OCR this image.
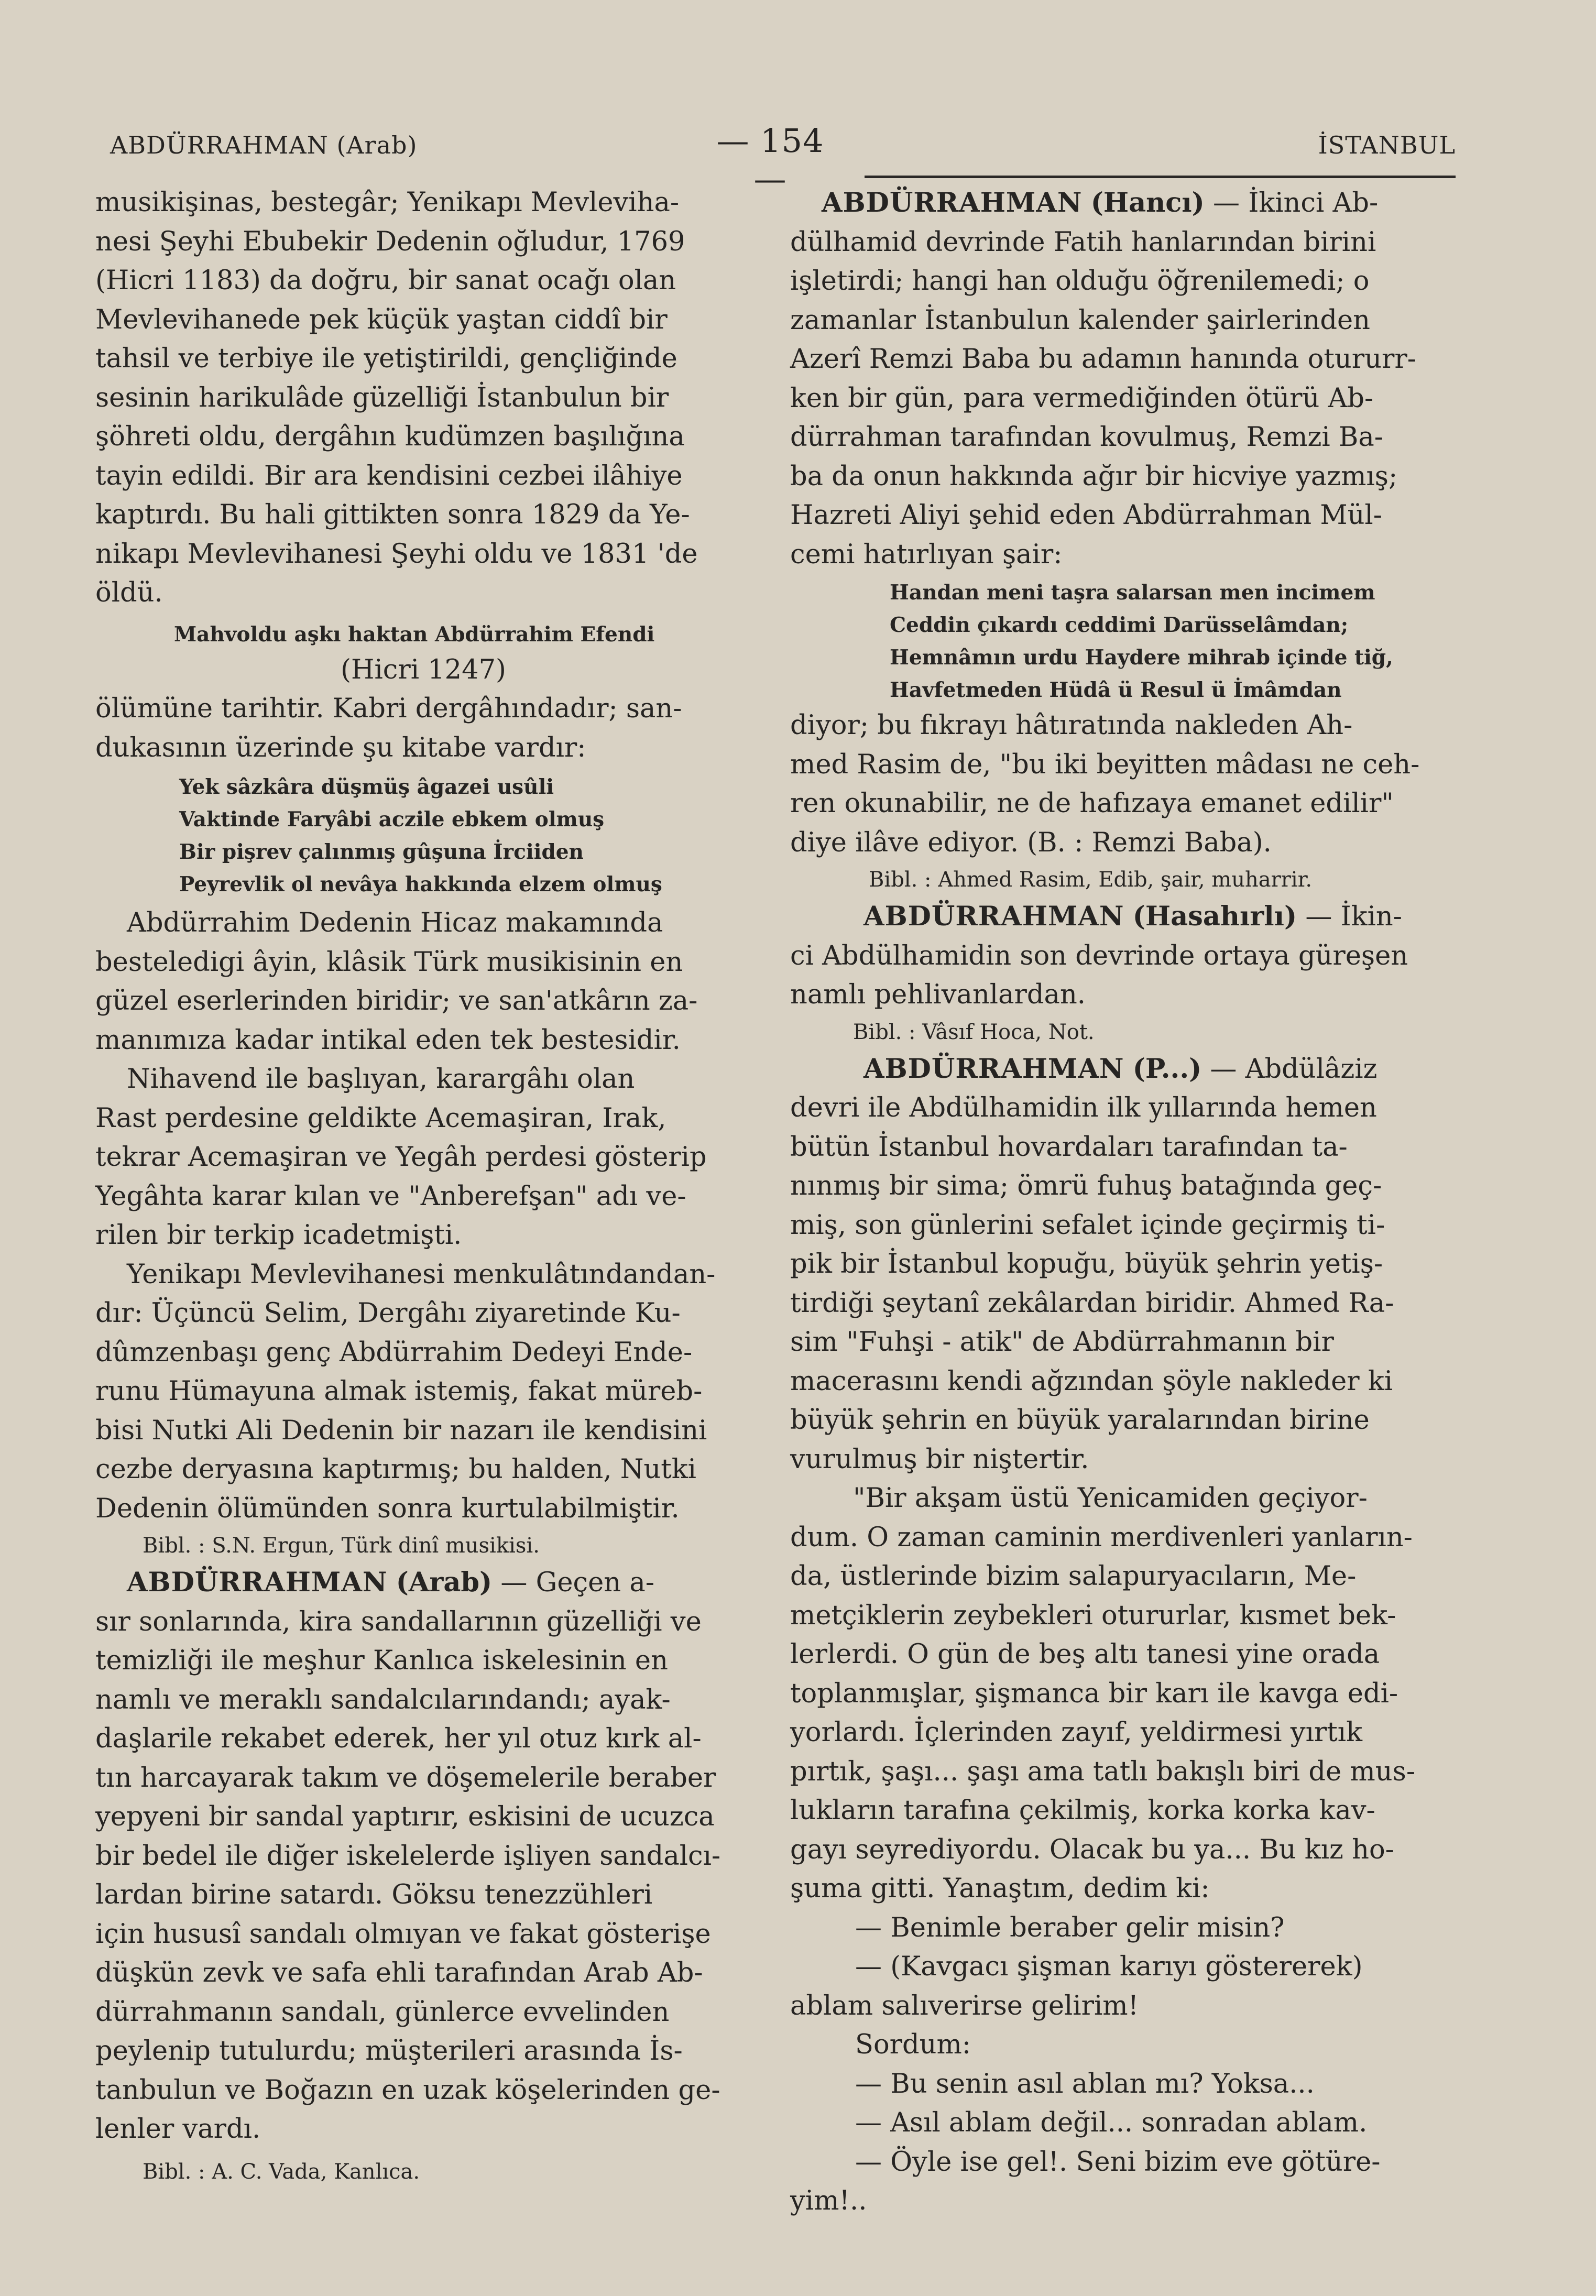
ABDÜRRAHMAN (Arab)	— 154 —
İSTANBUL

musikişinas, bestegâr; Yenikapı Mevleviha-

nesi Şeyhi Ebubekir Dedenin oğludur, 1769

(Hicri 1183) da doğru, bir sanat ocağı olan

Mevlevihanede pek küçük yaştan ciddî bir

tahsil ve terbiye ile yetiştirildi, gençliğinde

sesinin harikulâde güzelliği İstanbulun bir

şöhreti oldu, dergâhın kudümzen başılığına

tayin edildi. Bir ara kendisini cezbei ilâhiye

kaptırdı. Bu hali gittikten sonra 1829 da Ye-

nikapı Mevlevihanesi Şeyhi oldu ve 1831 'de

öldü.

Mahvoldu aşkı haktan Abdürrahim Efendi

(Hicri 1247)

ölümüne tarihtir. Kabri dergâhındadır; san-

dukasının üzerinde şu kitabe vardır:

Yek sâzkâra düşmüş âgazei usûli

Vaktinde Faryâbi aczile ebkem olmuş

Bir pişrev çalınmış gûşuna İrciiden

Peyrevlik ol nevâya hakkında elzem olmuş

Abdürrahim Dedenin Hicaz makamında

besteledigi âyin, klâsik Türk musikisinin en

güzel eserlerinden biridir; ve san'atkârın za-

manımıza kadar intikal eden tek bestesidir.

Nihavend ile başlıyan, karargâhı olan

Rast perdesine geldikte Acemaşiran, Irak,

tekrar Acemaşiran ve Yegâh perdesi gösterip

Yegâhta karar kılan ve "Anberefşan" adı ve-

rilen bir terkip icadetmişti.

Yenikapı Mevlevihanesi menkulâtındandan-

dır: Üçüncü Selim, Dergâhı ziyaretinde Ku-

dûmzenbaşı genç Abdürrahim Dedeyi Ende-

runu Hümayuna almak istemiş, fakat müreb-

bisi Nutki Ali Dedenin bir nazarı ile kendisini

cezbe deryasına kaptırmış; bu halden, Nutki

Dedenin ölümünden sonra kurtulabilmiştir.

Bibl. : S.N. Ergun, Türk dinî musikisi.

ABDÜRRAHMAN (Arab) — Geçen a-

sır sonlarında, kira sandallarının güzelliği ve

temizliği ile meşhur Kanlıca iskelesinin en

namlı ve meraklı sandalcılarındandı; ayak-

daşlarile rekabet ederek, her yıl otuz kırk al-

tın harcayarak takım ve döşemelerile beraber

yepyeni bir sandal yaptırır, eskisini de ucuzca

bir bedel ile diğer iskelelerde işliyen sandalcı-

lardan birine satardı. Göksu tenezzühleri

için hususî sandalı olmıyan ve fakat gösterişe

düşkün zevk ve safa ehli tarafından Arab Ab-

dürrahmanın sandalı, günlerce evvelinden

peylenip tutulurdu; müşterileri arasında İs-

tanbulun ve Boğazın en uzak köşelerinden ge-

lenler vardı.

Bibl. : A. C. Vada, Kanlıca.

ABDÜRRAHMAN (Hancı) — İkinci Ab-

dülhamid devrinde Fatih hanlarından birini

işletirdi; hangi han olduğu öğrenilemedi; o

zamanlar İstanbulun kalender şairlerinden

Azerî Remzi Baba bu adamın hanında otururr-

ken bir gün, para vermediğinden ötürü Ab-

dürrahman tarafından kovulmuş, Remzi Ba-

ba da onun hakkında ağır bir hicviye yazmış;

Hazreti Aliyi şehid eden Abdürrahman Mül-

cemi hatırlıyan şair:

Handan meni taşra salarsan men incimem

Ceddin çıkardı ceddimi Darüsselâmdan;

Hemnâmın urdu Haydere mihrab içinde tiğ,

Havfetmeden Hüdâ ü Resul ü İmâmdan

diyor; bu fıkrayı hâtıratında nakleden Ah-

med Rasim de, "bu iki beyitten mâdası ne ceh-

ren okunabilir, ne de hafızaya emanet edilir"

diye ilâve ediyor. (B. : Remzi Baba).

Bibl. : Ahmed Rasim, Edib, şair, muharrir.

ABDÜRRAHMAN (Hasahırlı) — İkin-

ci Abdülhamidin son devrinde ortaya güreşen

namlı pehlivanlardan.

Bibl. : Vâsıf Hoca, Not.

ABDÜRRAHMAN (P...) — Abdülâziz

devri ile Abdülhamidin ilk yıllarında hemen

bütün İstanbul hovardaları tarafından ta-

nınmış bir sima; ömrü fuhuş batağında geç-

miş, son günlerini sefalet içinde geçirmiş ti-

pik bir İstanbul kopuğu, büyük şehrin yetiş-

tirdiği şeytanî zekâlardan biridir. Ahmed Ra-

sim "Fuhşi - atik" de Abdürrahmanın bir

macerasını kendi ağzından şöyle nakleder ki

büyük şehrin en büyük yaralarından birine

vurulmuş bir niştertir.

"Bir akşam üstü Yenicamiden geçiyor-

dum. O zaman caminin merdivenleri yanların-

da, üstlerinde bizim salapuryacıların, Me-

metçiklerin zeybekleri otururlar, kısmet bek-

lerlerdi. O gün de beş altı tanesi yine orada

toplanmışlar, şişmanca bir karı ile kavga edi-

yorlardı. İçlerinden zayıf, yeldirmesi yırtık

pırtık, şaşı... şaşı ama tatlı bakışlı biri de mus-

lukların tarafına çekilmiş, korka korka kav-

gayı seyrediyordu. Olacak bu ya... Bu kız ho-

şuma gitti. Yanaştım, dedim ki:

— Benimle beraber gelir misin?

— (Kavgacı şişman karıyı göstererek)

ablam salıverirse gelirim!

Sordum:

— Bu senin asıl ablan mı? Yoksa...

— Asıl ablam değil... sonradan ablam.

— Öyle ise gel!. Seni bizim eve götüre-

yim!..
